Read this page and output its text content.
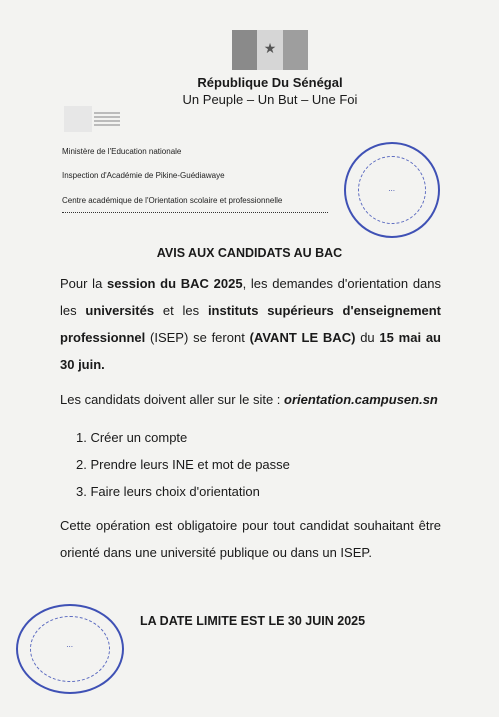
★
République Du Sénégal
Un Peuple – Un But – Une Foi
Ministère de l'Education nationale
Inspection d'Académie de Pikine-Guédiawaye
Centre académique de l'Orientation scolaire et professionnelle
...
AVIS AUX CANDIDATS AU BAC
Pour la session du BAC 2025, les demandes d'orientation dans les universités et les instituts supérieurs d'enseignement professionnel (ISEP) se feront (AVANT LE BAC) du 15 mai au 30 juin.
Les candidats doivent aller sur le site : orientation.campusen.sn
1. Créer un compte
2. Prendre leurs INE et mot de passe
3. Faire leurs choix d'orientation
Cette opération est obligatoire pour tout candidat souhaitant être orienté dans une université publique ou dans un ISEP.
...
LA DATE LIMITE EST LE 30 JUIN 2025
